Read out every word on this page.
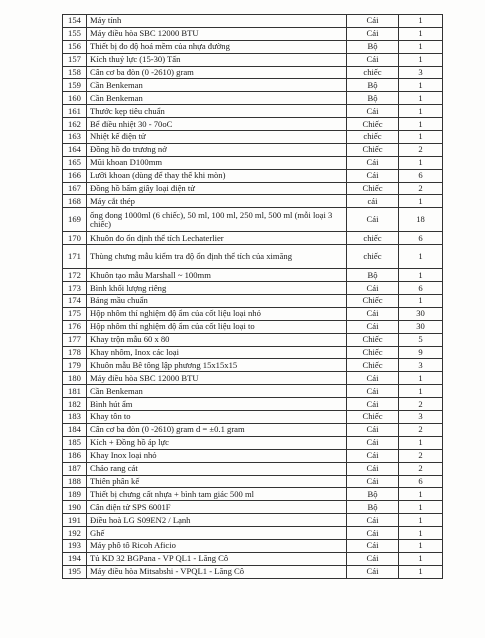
154	Máy tính	Cái	1
155	Máy điều hòa SBC 12000 BTU	Cái	1
156	Thiết bị đo độ hoá mềm của nhựa đường	Bộ	1
157	Kích thuỷ lực (15-30) Tấn	Cái	1
158	Cân cơ ba đòn (0 -2610) gram	chiếc	3
159	Cần Benkeman	Bộ	1
160	Cần Benkeman	Bộ	1
161	Thước kẹp tiêu chuẩn	Cái	1
162	Bể điều nhiệt 30 - 70oC	Chiếc	1
163	Nhiệt kế điện tử	chiếc	1
164	Đồng hồ đo trương nở	Chiếc	2
165	Mũi khoan D100mm	Cái	1
166	Lưỡi khoan (dùng để thay thế khi mòn)	Cái	6
167	Đồng hồ bấm giây loại điện tử	Chiếc	2
168	Máy cắt thép	cái	1
169	ống đong 1000ml (6 chiếc), 50 ml, 100 ml, 250 ml, 500 ml (mỗi loại 3 chiếc)	Cái	18
170	Khuôn đo ổn định thể tích Lechaterlier	chiếc	6
171	Thùng chưng mẫu kiểm tra độ ổn định thể tích của ximăng	chiếc	1
172	Khuôn tạo mẫu Marshall ~ 100mm	Bộ	1
173	Bình khối lượng riêng	Cái	6
174	Bảng mầu chuẩn	Chiếc	1
175	Hộp nhôm thí nghiệm độ ẩm của cốt liệu loại nhỏ	Cái	30
176	Hộp nhôm thí nghiệm độ ẩm của cốt liệu loại to	Cái	30
177	Khay trộn mẫu 60 x 80	Chiếc	5
178	Khay nhôm, Inox các loại	Chiếc	9
179	Khuôn mẫu Bê tông lập phương 15x15x15	Chiếc	3
180	Máy điều hòa SBC 12000 BTU	Cái	1
181	Cần Benkeman	Cái	1
182	Bình hút ẩm	Cái	2
183	Khay tôn to	Chiếc	3
184	Cân cơ ba đòn (0 -2610) gram d = ±0.1 gram	Cái	2
185	Kích + Đồng hồ áp lực	Cái	1
186	Khay Inox loại nhỏ	Cái	2
187	Chảo rang cát	Cái	2
188	Thiên phân kế	Cái	6
189	Thiết bị chưng cất nhựa + bình tam giác 500 ml	Bộ	1
190	Cân điện tử SPS 6001F	Bộ	1
191	Điều hoà LG S09EN2 / Lạnh	Cái	1
192	Ghế	Cái	1
193	Máy phô tô Ricoh Aficio	Cái	1
194	Tủ KD 32 BGPana - VP QL1 - Lăng Cô	Cái	1
195	Máy điều hòa Mitsabshi - VPQL1 - Lăng Cô	Cái	1
